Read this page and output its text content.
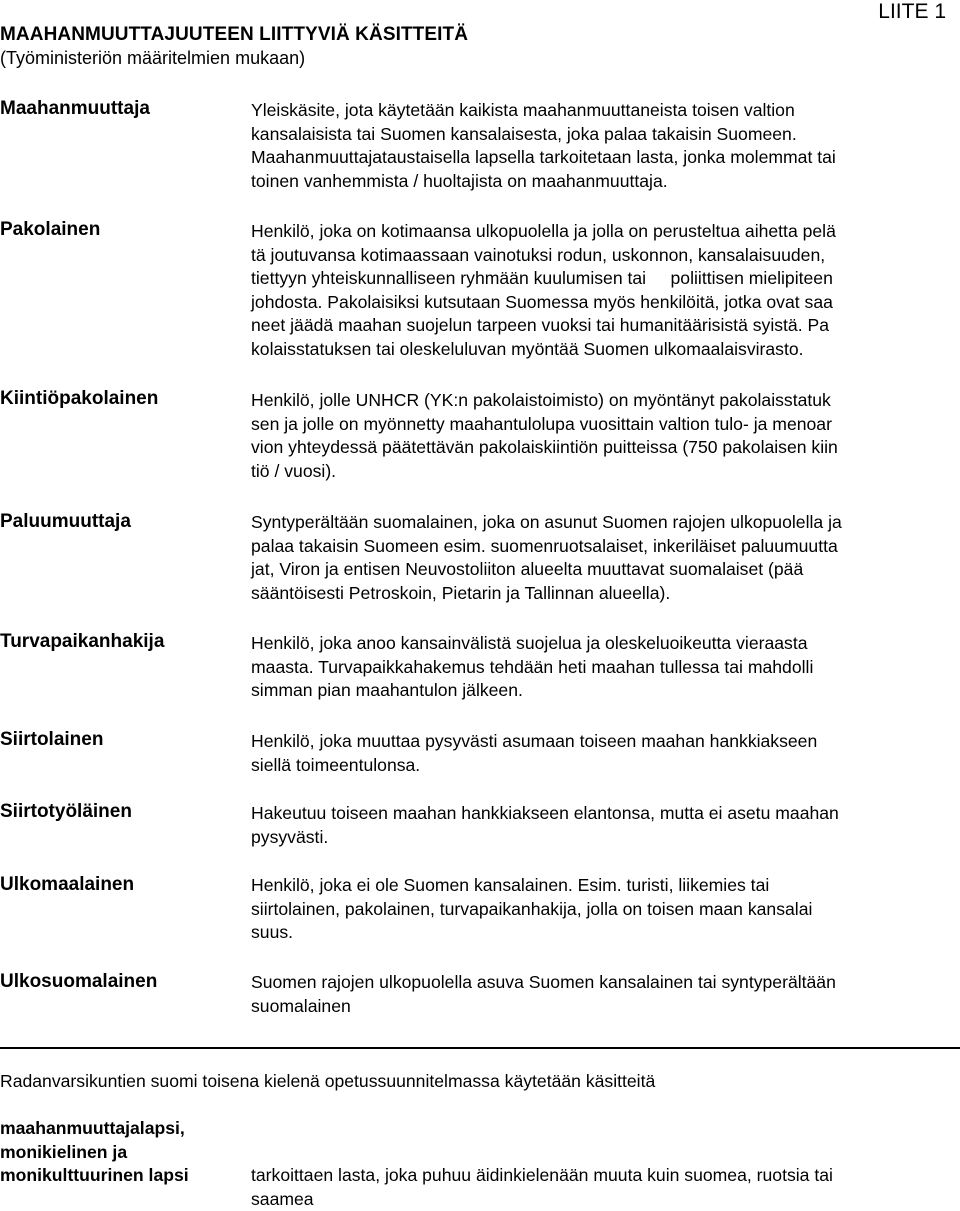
MAAHANMUUTTAJUUTEEN LIITTYVIÄ KÄSITTEITÄ
(Työministeriön määritelmien mukaan)
LIITE 1
Maahanmuuttaja	Yleiskäsite, jota käytetään kaikista maahanmuuttaneista toisen valtion
kansalaisista tai Suomen kansalaisesta, joka palaa takaisin Suomeen.
Maahanmuuttajataustaisella lapsella tarkoitetaan lasta, jonka molemmat tai
toinen vanhemmista / huoltajista on maahanmuuttaja.
Pakolainen	Henkilö, joka on kotimaansa ulkopuolella ja jolla on perusteltua aihetta pelä
tä joutuvansa kotimaassaan vainotuksi rodun, uskonnon, kansalaisuuden,
tiettyyn yhteiskunnalliseen ryhmään kuulumisen tai     poliittisen mielipiteen
johdosta. Pakolaisiksi kutsutaan Suomessa myös henkilöitä, jotka ovat saa
neet jäädä maahan suojelun tarpeen vuoksi tai humanitäärisistä syistä. Pa
kolaisstatuksen tai oleskeluluvan myöntää Suomen ulkomaalaisvirasto.
Kiintiöpakolainen	Henkilö, jolle UNHCR (YK:n pakolaistoimisto) on myöntänyt pakolaisstatuk
sen ja jolle on myönnetty maahantulolupa vuosittain valtion tulo- ja menoar
vion yhteydessä päätettävän pakolaiskiintiön puitteissa (750 pakolaisen kiin
tiö / vuosi).
Paluumuuttaja	Syntyperältään suomalainen, joka on asunut Suomen rajojen ulkopuolella ja
palaa takaisin Suomeen esim. suomenruotsalaiset, inkeriläiset paluumuutta
jat, Viron ja entisen Neuvostoliiton alueelta muuttavat suomalaiset (pää
sääntöisesti Petroskoin, Pietarin ja Tallinnan alueella).
Turvapaikanhakija	Henkilö, joka anoo kansainvälistä suojelua ja oleskeluoikeutta vieraasta
maasta. Turvapaikkahakemus tehdään heti maahan tullessa tai mahdolli
simman pian maahantulon jälkeen.
Siirtolainen	Henkilö, joka muuttaa pysyvästi asumaan toiseen maahan hankkiakseen
siellä toimeentulonsa.
Siirtotyöläinen	Hakeutuu toiseen maahan hankkiakseen elantonsa, mutta ei asetu maahan
pysyvästi.
Ulkomaalainen	Henkilö, joka ei ole Suomen kansalainen. Esim. turisti, liikemies tai
siirtolainen, pakolainen, turvapaikanhakija, jolla on toisen maan kansalai
suus.
Ulkosuomalainen	Suomen rajojen ulkopuolella asuva Suomen kansalainen tai syntyperältään
suomalainen
Radanvarsikuntien suomi toisena kielenä opetussuunnitelmassa käytetään käsitteitä
maahanmuuttajalapsi,
monikielinen ja
monikulttuurinen lapsi	tarkoittaen lasta, joka puhuu äidinkielenään muuta kuin suomea, ruotsia tai
saamea
